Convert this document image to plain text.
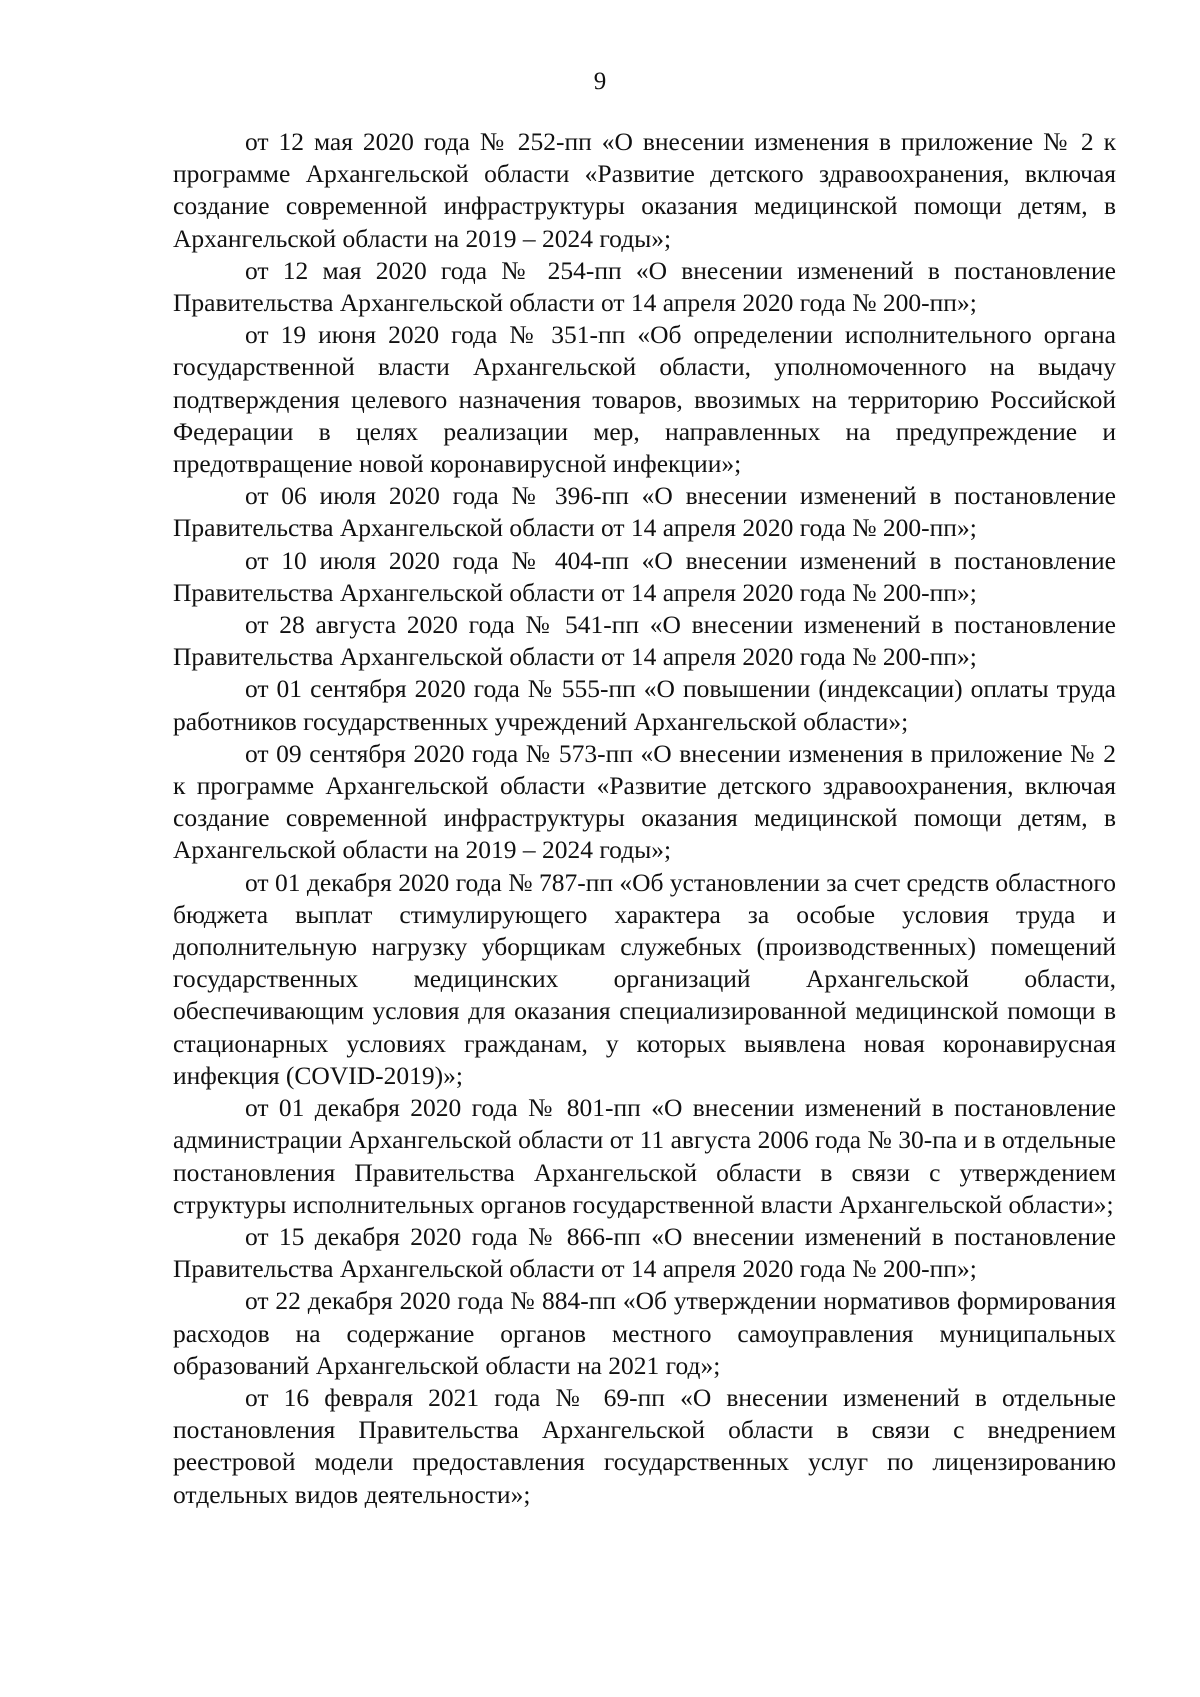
9

от 12 мая 2020 года № 252-пп «О внесении изменения в приложение № 2 к программе Архангельской области «Развитие детского здравоохранения, включая создание современной инфраструктуры оказания медицинской помощи детям, в Архангельской области на 2019 – 2024 годы»;

от 12 мая 2020 года № 254-пп «О внесении изменений в постановление Правительства Архангельской области от 14 апреля 2020 года № 200-пп»;

от 19 июня 2020 года № 351-пп «Об определении исполнительного органа государственной власти Архангельской области, уполномоченного на выдачу подтверждения целевого назначения товаров, ввозимых на территорию Российской Федерации в целях реализации мер, направленных на предупреждение и предотвращение новой коронавирусной инфекции»;

от 06 июля 2020 года № 396-пп «О внесении изменений в постановление Правительства Архангельской области от 14 апреля 2020 года № 200-пп»;

от 10 июля 2020 года № 404-пп «О внесении изменений в постановление Правительства Архангельской области от 14 апреля 2020 года № 200-пп»;

от 28 августа 2020 года № 541-пп «О внесении изменений в постановление Правительства Архангельской области от 14 апреля 2020 года № 200-пп»;

от 01 сентября 2020 года № 555-пп «О повышении (индексации) оплаты труда работников государственных учреждений Архангельской области»;

от 09 сентября 2020 года № 573-пп «О внесении изменения в приложение № 2 к программе Архангельской области «Развитие детского здравоохранения, включая создание современной инфраструктуры оказания медицинской помощи детям, в Архангельской области на 2019 – 2024 годы»;

от 01 декабря 2020 года № 787-пп «Об установлении за счет средств областного бюджета выплат стимулирующего характера за особые условия труда и дополнительную нагрузку уборщикам служебных (производственных) помещений государственных медицинских организаций Архангельской области, обеспечивающим условия для оказания специализированной медицинской помощи в стационарных условиях гражданам, у которых выявлена новая коронавирусная инфекция (COVID-2019)»;

от 01 декабря 2020 года № 801-пп «О внесении изменений в постановление администрации Архангельской области от 11 августа 2006 года № 30-па и в отдельные постановления Правительства Архангельской области в связи с утверждением структуры исполнительных органов государственной власти Архангельской области»;

от 15 декабря 2020 года № 866-пп «О внесении изменений в постановление Правительства Архангельской области от 14 апреля 2020 года № 200-пп»;

от 22 декабря 2020 года № 884-пп «Об утверждении нормативов формирования расходов на содержание органов местного самоуправления муниципальных образований Архангельской области на 2021 год»;

от 16 февраля 2021 года № 69-пп «О внесении изменений в отдельные постановления Правительства Архангельской области в связи с внедрением реестровой модели предоставления государственных услуг по лицензированию отдельных видов деятельности»;
